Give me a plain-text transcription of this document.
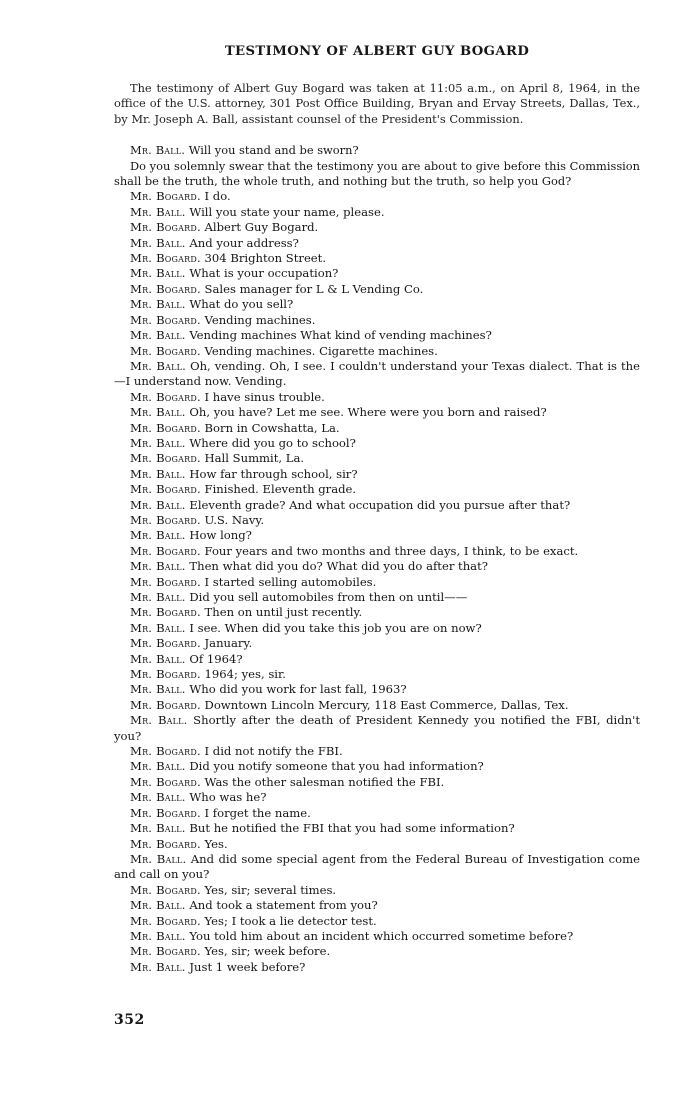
TESTIMONY OF ALBERT GUY BOGARD

The testimony of Albert Guy Bogard was taken at 11:05 a.m., on April 8, 1964, in the office of the U.S. attorney, 301 Post Office Building, Bryan and Ervay Streets, Dallas, Tex., by Mr. Joseph A. Ball, assistant counsel of the President's Commission.

Mr. Ball. Will you stand and be sworn?

Do you solemnly swear that the testimony you are about to give before this Commission shall be the truth, the whole truth, and nothing but the truth, so help you God?

Mr. Bogard. I do.

Mr. Ball. Will you state your name, please.

Mr. Bogard. Albert Guy Bogard.

Mr. Ball. And your address?

Mr. Bogard. 304 Brighton Street.

Mr. Ball. What is your occupation?

Mr. Bogard. Sales manager for L & L Vending Co.

Mr. Ball. What do you sell?

Mr. Bogard. Vending machines.

Mr. Ball. Vending machines What kind of vending machines?

Mr. Bogard. Vending machines. Cigarette machines.

Mr. Ball. Oh, vending. Oh, I see. I couldn't understand your Texas dialect. That is the—I understand now. Vending.

Mr. Bogard. I have sinus trouble.

Mr. Ball. Oh, you have? Let me see. Where were you born and raised?

Mr. Bogard. Born in Cowshatta, La.

Mr. Ball. Where did you go to school?

Mr. Bogard. Hall Summit, La.

Mr. Ball. How far through school, sir?

Mr. Bogard. Finished. Eleventh grade.

Mr. Ball. Eleventh grade? And what occupation did you pursue after that?

Mr. Bogard. U.S. Navy.

Mr. Ball. How long?

Mr. Bogard. Four years and two months and three days, I think, to be exact.

Mr. Ball. Then what did you do? What did you do after that?

Mr. Bogard. I started selling automobiles.

Mr. Ball. Did you sell automobiles from then on until——

Mr. Bogard. Then on until just recently.

Mr. Ball. I see. When did you take this job you are on now?

Mr. Bogard. January.

Mr. Ball. Of 1964?

Mr. Bogard. 1964; yes, sir.

Mr. Ball. Who did you work for last fall, 1963?

Mr. Bogard. Downtown Lincoln Mercury, 118 East Commerce, Dallas, Tex.

Mr. Ball. Shortly after the death of President Kennedy you notified the FBI, didn't you?

Mr. Bogard. I did not notify the FBI.

Mr. Ball. Did you notify someone that you had information?

Mr. Bogard. Was the other salesman notified the FBI.

Mr. Ball. Who was he?

Mr. Bogard. I forget the name.

Mr. Ball. But he notified the FBI that you had some information?

Mr. Bogard. Yes.

Mr. Ball. And did some special agent from the Federal Bureau of Investigation come and call on you?

Mr. Bogard. Yes, sir; several times.

Mr. Ball. And took a statement from you?

Mr. Bogard. Yes; I took a lie detector test.

Mr. Ball. You told him about an incident which occurred sometime before?

Mr. Bogard. Yes, sir; week before.

Mr. Ball. Just 1 week before?

352
